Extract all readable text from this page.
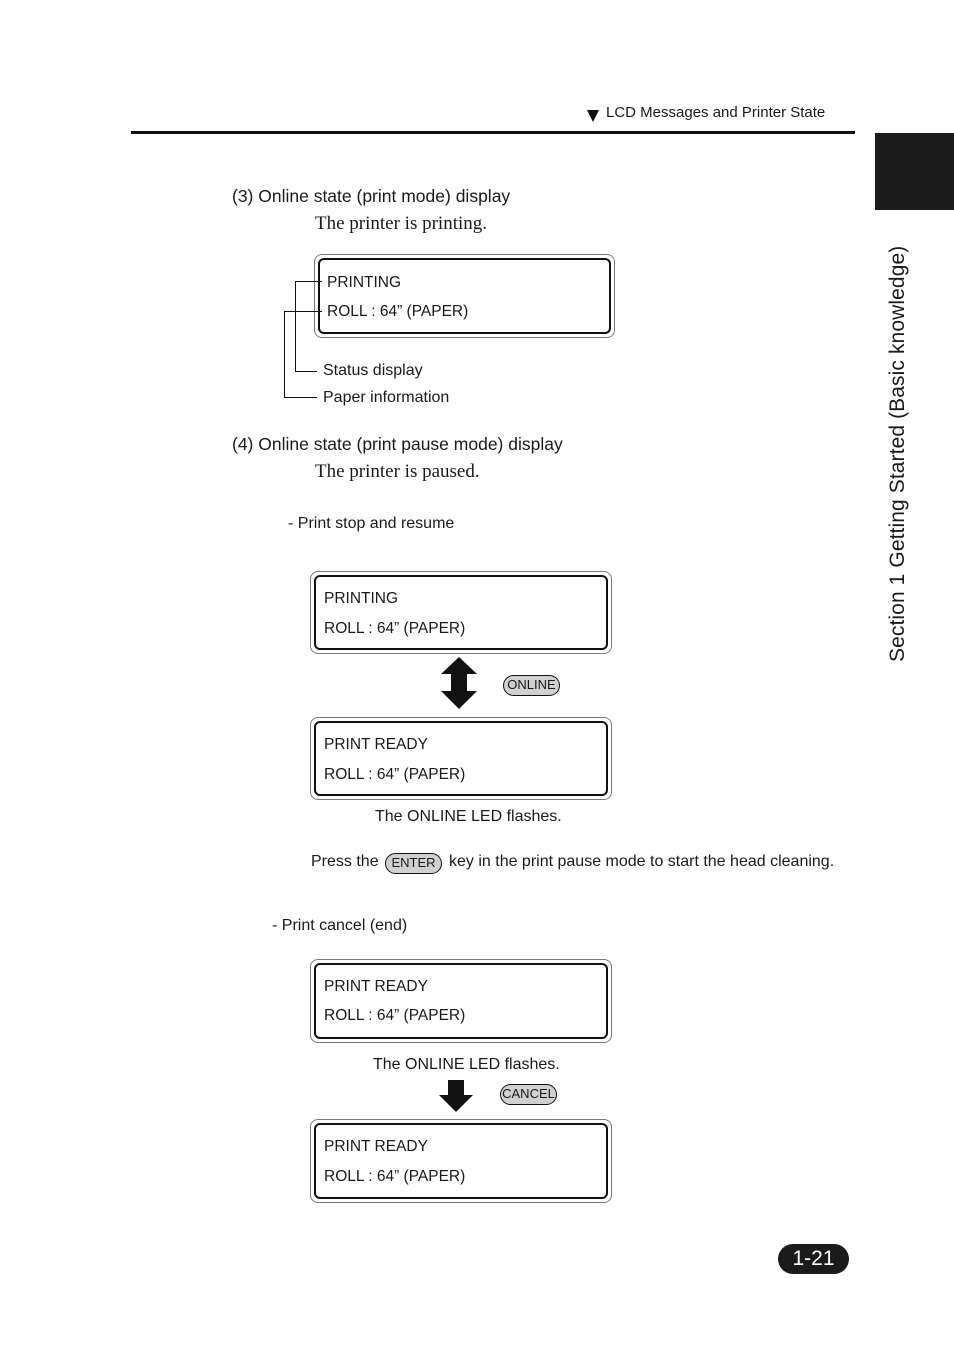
LCD Messages and Printer State
Section 1 Getting Started (Basic knowledge)
(3) Online state (print mode) display
The printer is printing.
PRINTING
ROLL : 64” (PAPER)
Status display
Paper information
(4) Online state (print pause mode) display
The printer is paused.
- Print stop and resume
PRINTING
ROLL : 64” (PAPER)
ONLINE
PRINT READY
ROLL : 64” (PAPER)
The ONLINE LED flashes.
Press the ENTER key in the print pause mode to start the head cleaning.
- Print cancel (end)
PRINT READY
ROLL : 64” (PAPER)
The ONLINE LED flashes.
CANCEL
PRINT READY
ROLL : 64” (PAPER)
1-21
